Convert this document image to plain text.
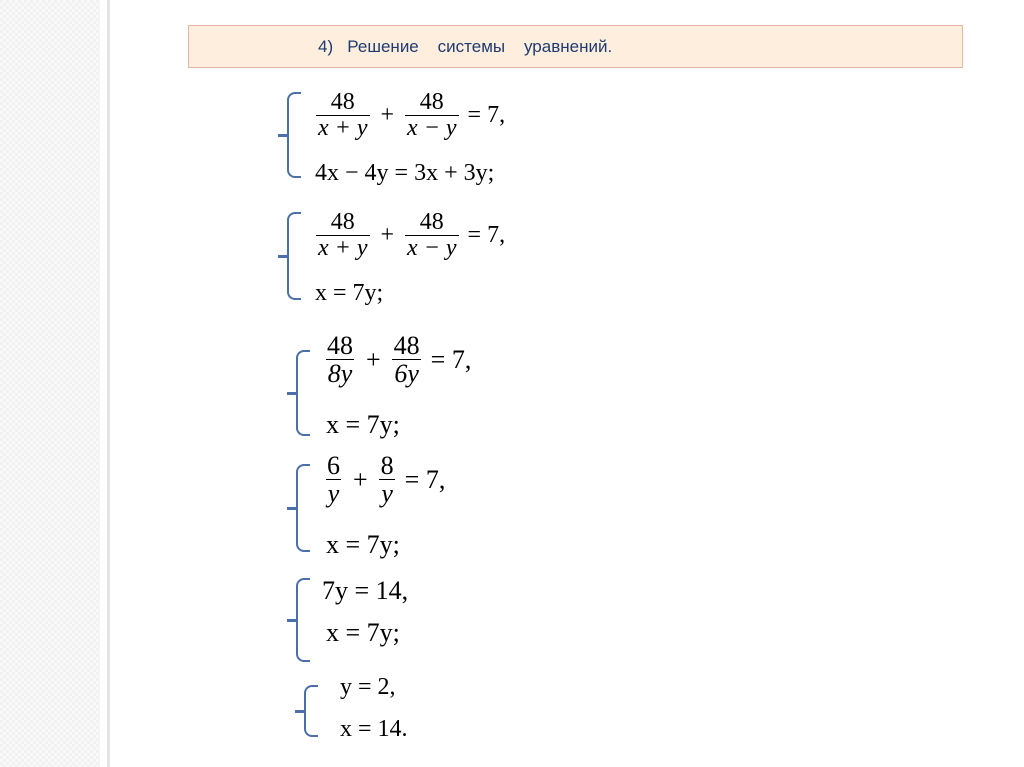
4)   Решение    системы    уравнений.
$\frac{48}{x + y} + \frac{48}{x - y} = 7$,
4x − 4y = 3x + 3y;
$\frac{48}{x + y} + \frac{48}{x - y} = 7$,
x = 7y;
$\frac{48}{8y} + \frac{48}{6y} = 7$,
x = 7y;
$\frac{6}{y} + \frac{8}{y} = 7$,
x = 7y;
7y = 14,
x = 7y;
y = 2,
x = 14.
